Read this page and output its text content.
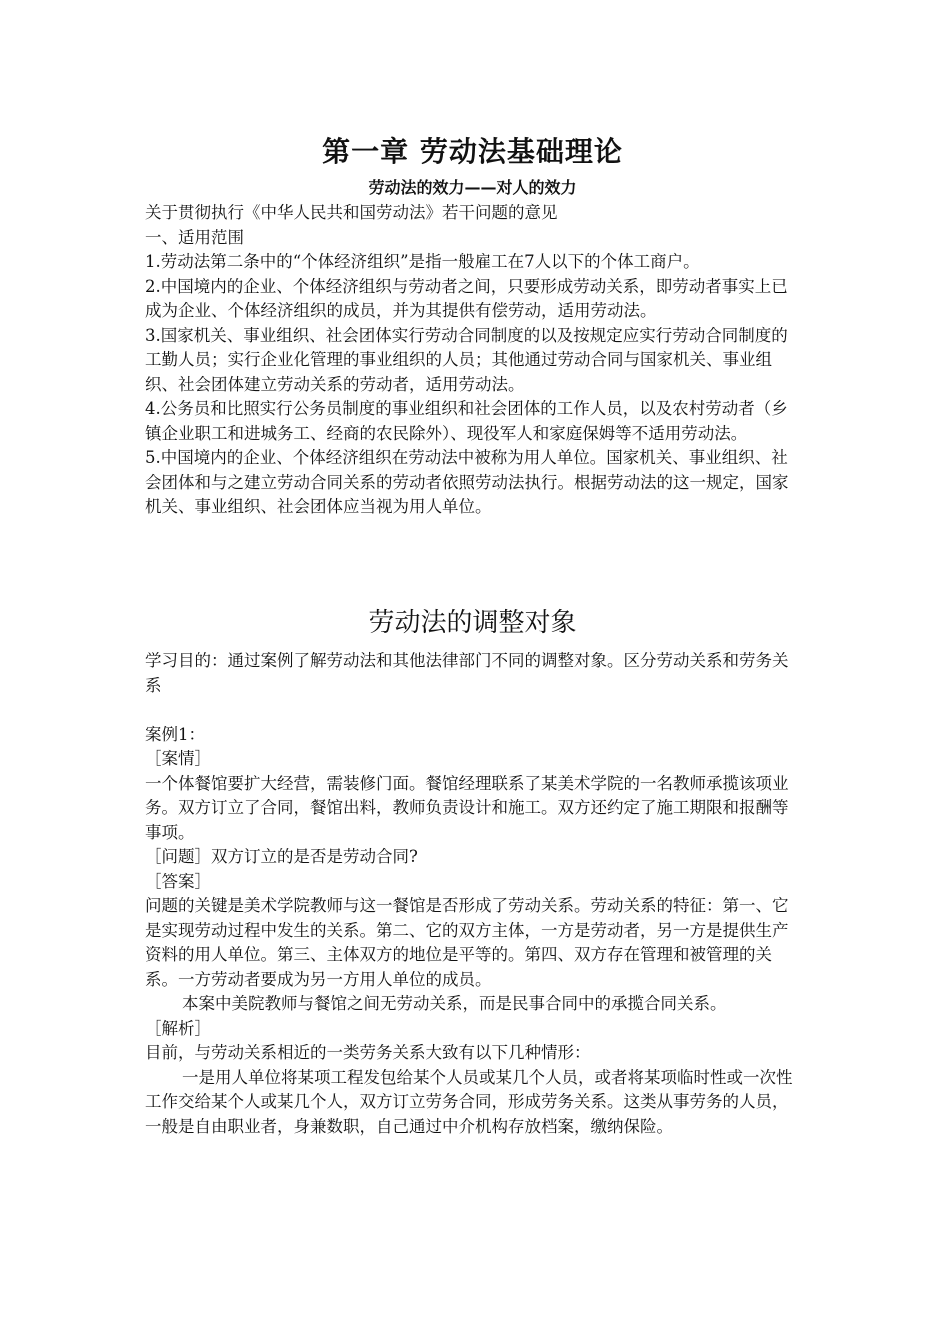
第一章 劳动法基础理论
劳动法的效力——对人的效力

关于贯彻执行《中华人民共和国劳动法》若干问题的意见

一、适用范围

1.劳动法第二条中的“个体经济组织”是指一般雇工在7人以下的个体工商户。

2.中国境内的企业、个体经济组织与劳动者之间，只要形成劳动关系，即劳动者事实上已成为企业、个体经济组织的成员，并为其提供有偿劳动，适用劳动法。

3.国家机关、事业组织、社会团体实行劳动合同制度的以及按规定应实行劳动合同制度的工勤人员；实行企业化管理的事业组织的人员；其他通过劳动合同与国家机关、事业组织、社会团体建立劳动关系的劳动者，适用劳动法。

4.公务员和比照实行公务员制度的事业组织和社会团体的工作人员，以及农村劳动者（乡镇企业职工和进城务工、经商的农民除外）、现役军人和家庭保姆等不适用劳动法。

5.中国境内的企业、个体经济组织在劳动法中被称为用人单位。国家机关、事业组织、社会团体和与之建立劳动合同关系的劳动者依照劳动法执行。根据劳动法的这一规定，国家机关、事业组织、社会团体应当视为用人单位。

劳动法的调整对象

学习目的：通过案例了解劳动法和其他法律部门不同的调整对象。区分劳动关系和劳务关系

案例1：

［案情］

一个体餐馆要扩大经营，需装修门面。餐馆经理联系了某美术学院的一名教师承揽该项业务。双方订立了合同，餐馆出料，教师负责设计和施工。双方还约定了施工期限和报酬等事项。

［问题］双方订立的是否是劳动合同?

［答案］

问题的关键是美术学院教师与这一餐馆是否形成了劳动关系。劳动关系的特征：第一、它是实现劳动过程中发生的关系。第二、它的双方主体，一方是劳动者，另一方是提供生产资料的用人单位。第三、主体双方的地位是平等的。第四、双方存在管理和被管理的关系。一方劳动者要成为另一方用人单位的成员。

本案中美院教师与餐馆之间无劳动关系，而是民事合同中的承揽合同关系。

［解析］

目前，与劳动关系相近的一类劳务关系大致有以下几种情形：

一是用人单位将某项工程发包给某个人员或某几个人员，或者将某项临时性或一次性工作交给某个人或某几个人，双方订立劳务合同，形成劳务关系。这类从事劳务的人员，一般是自由职业者，身兼数职，自己通过中介机构存放档案，缴纳保险。
